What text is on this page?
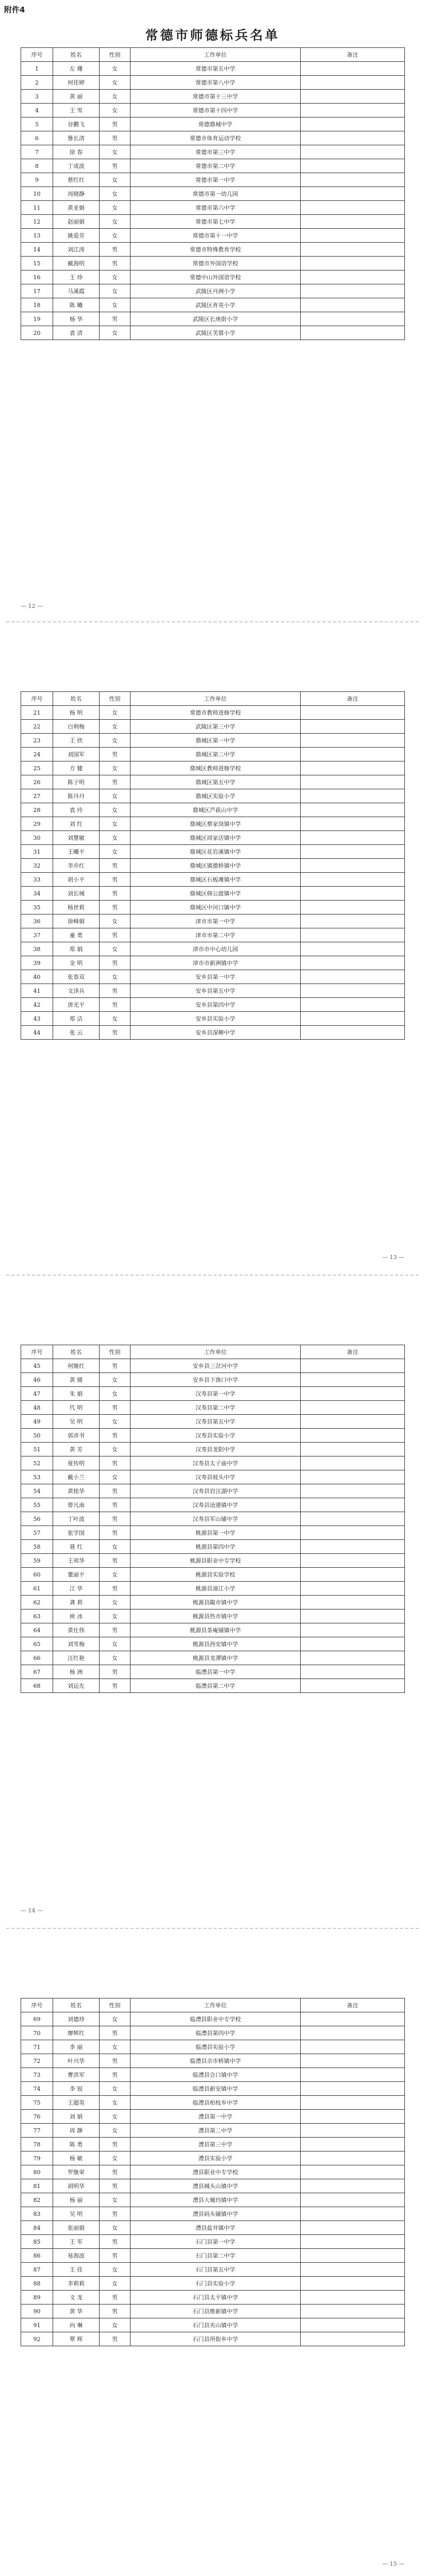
附件4
常德市师德标兵名单
序号	姓名	性别	工作单位	备注
1	左 珊	女	常德市第五中学	
2	何佳婷	女	常德市第八中学	
3	黄 丽	女	常德市第十三中学	
4	王 雪	女	常德市第十四中学	
5	谷鹏飞	男	常德鼎城中学	
6	鲁长清	男	常德市体育运动学校	
7	徐 春	女	常德市第三中学	
8	丁成波	男	常德市第二中学	
9	蔡红红	女	常德市第一中学	
10	周晓静	女	常德市第一幼儿园	
11	黄亚娟	女	常德市第六中学	
12	赵丽娟	女	常德市第七中学	
13	姚爱芳	女	常德市第十一中学	
14	刘江涛	男	常德市特殊教育学校	
15	戴海明	男	常德市外国语学校	
16	王 珍	女	常德中山外国语学校	
17	马溪霞	女	武陵区丹洲小学	
18	陈 曦	女	武陵区育英小学	
19	杨 华	男	武陵区长庚街小学	
20	袁 清	女	武陵区芙蓉小学	
— 12 —
序号	姓名	性别	工作单位	备注
21	杨 明	女	常德市教师进修学校	
22	白利梅	女	武陵区第三中学	
23	王 欣	女	鼎城区第一中学	
24	刘国军	男	鼎城区第二中学	
25	方 健	女	鼎城区教师进修学校	
26	陈子明	男	鼎城区第五中学	
27	陈丹丹	女	鼎城区实验小学	
28	袁 玲	女	鼎城区芦荻山中学	
29	刘 红	女	鼎城区蔡家岗镇中学	
30	刘慧敏	女	鼎城区周家店镇中学	
31	王曦平	女	鼎城区花岩溪镇中学	
32	李乔红	男	鼎城区镇德桥镇中学	
33	胡小平	男	鼎城区石板滩镇中学	
34	刘长城	男	鼎城区韩公渡镇中学	
35	杨世莉	男	鼎城区中河口镇中学	
36	徐峰娟	女	津市市第一中学	
37	童 勇	男	津市市第二中学	
38	郑 娟	女	津市市中心幼儿园	
39	金 明	男	津市市新洲镇中学	
40	张春双	女	安乡县第一中学	
41	文泽兵	男	安乡县第五中学	
42	唐光平	男	安乡县第四中学	
43	郑 洁	女	安乡县实验小学	
44	张 云	男	安乡县深柳中学	
— 13 —
序号	姓名	性别	工作单位	备注
45	何继红	男	安乡县三岔河中学	
46	黄 媛	女	安乡县下渔口中学	
47	朱 娟	女	汉寿县第一中学	
48	代 明	男	汉寿县第二中学	
49	吴 明	女	汉寿县第五中学	
50	郭彦书	男	汉寿县实验小学	
51	黄 芳	女	汉寿县龙阳中学	
52	夏传明	男	汉寿县太子庙中学	
53	戴小兰	女	汉寿县坡头中学	
54	黄铭华	男	汉寿县岩汪湖中学	
55	曾凡南	男	汉寿县沧港镇中学	
56	丁叶波	男	汉寿县军山铺中学	
57	张学国	男	桃源县第一中学	
58	聂 红	女	桃源县第四中学	
59	王邦华	男	桃源县职业中专学校	
60	董丽平	女	桃源县实验学校	
61	江 华	男	桃源县漳江小学	
62	龚 莉	女	桃源县陬市镇中学	
63	庾 冰	女	桃源县热市镇中学	
64	黄仕伟	男	桃源县茶庵铺镇中学	
65	刘雪梅	女	桃源县西安镇中学	
66	汪红艳	女	桃源县龙潭镇中学	
67	杨 洲	男	临澧县第一中学	
68	刘运先	男	临澧县第二中学	
— 14 —
序号	姓名	性别	工作单位	备注
69	刘德珍	女	临澧县职业中专学校	
70	廖辉红	男	临澧县第四中学	
71	李 丽	女	临澧县实验小学	
72	叶兴华	男	临澧县佘市桥镇中学	
73	曹洪军	男	临澧县合口镇中学	
74	李 锐	女	临澧县新安镇中学	
75	王超英	女	临澧县柏枝乡中学	
76	刘 娟	女	澧县第一中学	
77	周 静	女	澧县第二中学	
78	陈 勇	男	澧县第三中学	
79	杨 敏	女	澧县实验小学	
80	罗继荣	男	澧县职业中专学校	
81	胡明华	男	澧县城头山镇中学	
82	杨 丽	女	澧县大堰垱镇中学	
83	吴 明	男	澧县码头铺镇中学	
84	张丽娟	女	澧县盐井镇中学	
85	王 军	男	石门县第一中学	
86	易海波	男	石门县第二中学	
87	王 佳	女	石门县第五中学	
88	李莉莉	女	石门县实验小学	
89	文 龙	男	石门县太平镇中学	
90	黄 华	男	石门县维新镇中学	
91	向 琳	女	石门县夹山镇中学	
92	覃 辉	男	石门县所街乡中学	
— 15 —
